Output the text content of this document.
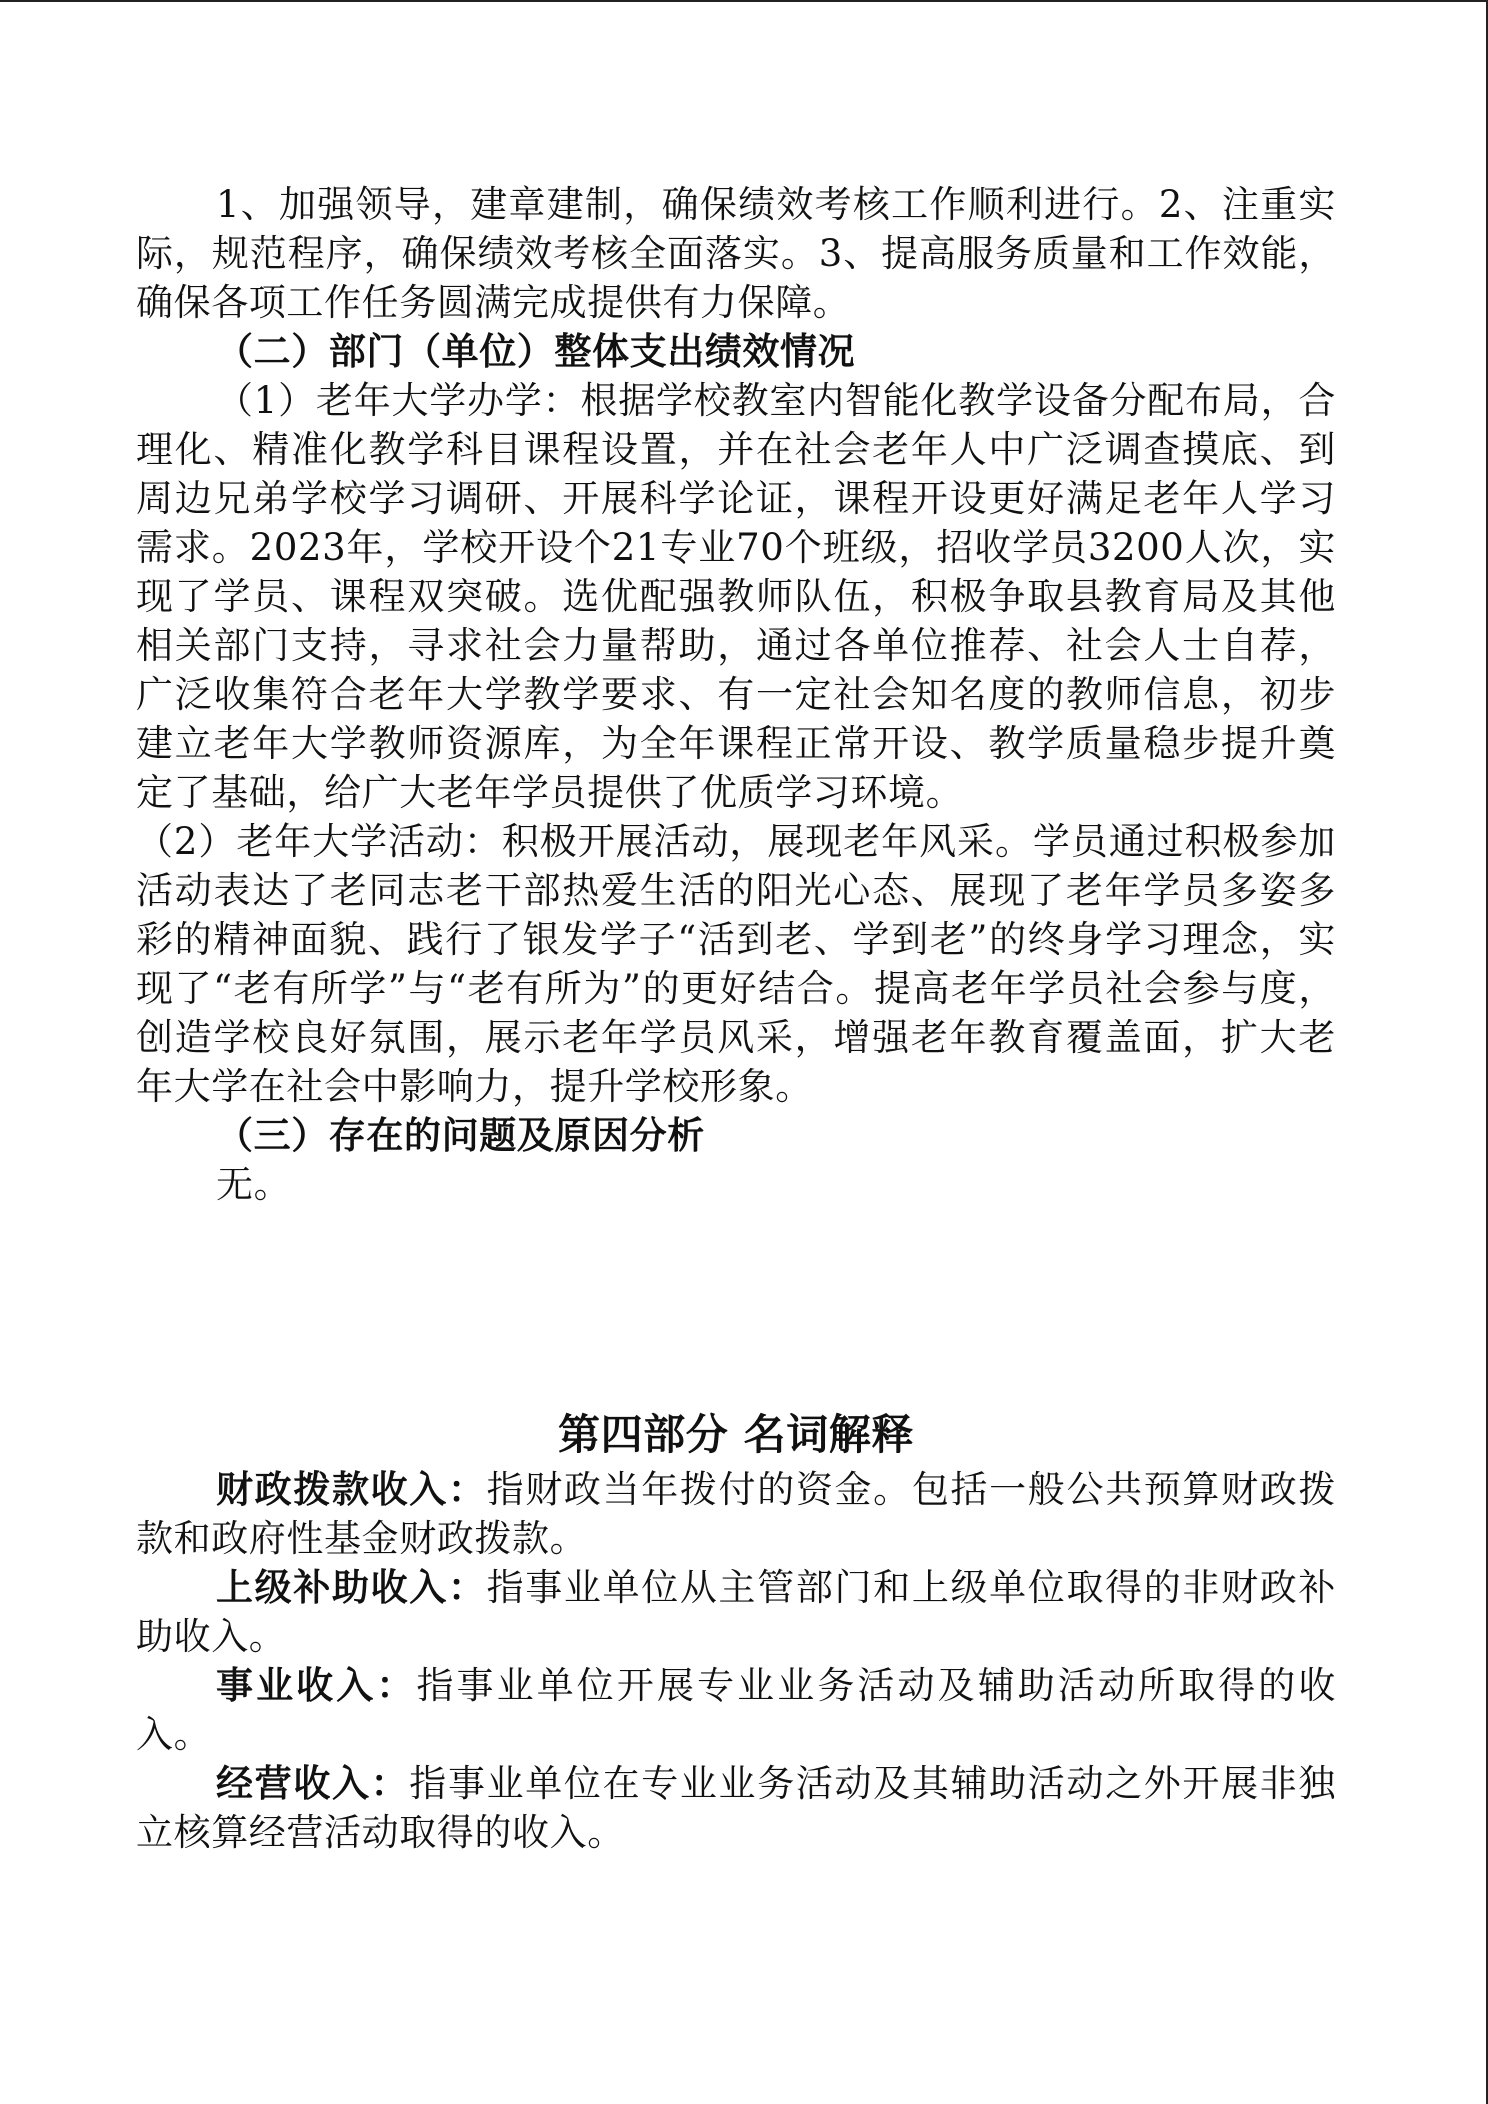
1、加强领导，建章建制，确保绩效考核工作顺利进行。2、注重实际，规范程序，确保绩效考核全面落实。3、提高服务质量和工作效能，确保各项工作任务圆满完成提供有力保障。

（二）部门（单位）整体支出绩效情况

（1）老年大学办学：根据学校教室内智能化教学设备分配布局，合理化、精准化教学科目课程设置，并在社会老年人中广泛调查摸底、到周边兄弟学校学习调研、开展科学论证，课程开设更好满足老年人学习需求。2023年，学校开设个21专业70个班级，招收学员3200人次，实现了学员、课程双突破。选优配强教师队伍，积极争取县教育局及其他相关部门支持，寻求社会力量帮助，通过各单位推荐、社会人士自荐，广泛收集符合老年大学教学要求、有一定社会知名度的教师信息，初步建立老年大学教师资源库，为全年课程正常开设、教学质量稳步提升奠定了基础，给广大老年学员提供了优质学习环境。

（2）老年大学活动：积极开展活动，展现老年风采。学员通过积极参加活动表达了老同志老干部热爱生活的阳光心态、展现了老年学员多姿多彩的精神面貌、践行了银发学子“活到老、学到老”的终身学习理念，实现了“老有所学”与“老有所为”的更好结合。提高老年学员社会参与度，创造学校良好氛围，展示老年学员风采，增强老年教育覆盖面，扩大老年大学在社会中影响力，提升学校形象。

（三）存在的问题及原因分析

无。

第四部分 名词解释

财政拨款收入：指财政当年拨付的资金。包括一般公共预算财政拨款和政府性基金财政拨款。

上级补助收入：指事业单位从主管部门和上级单位取得的非财政补助收入。

事业收入：指事业单位开展专业业务活动及辅助活动所取得的收入。

经营收入：指事业单位在专业业务活动及其辅助活动之外开展非独立核算经营活动取得的收入。
